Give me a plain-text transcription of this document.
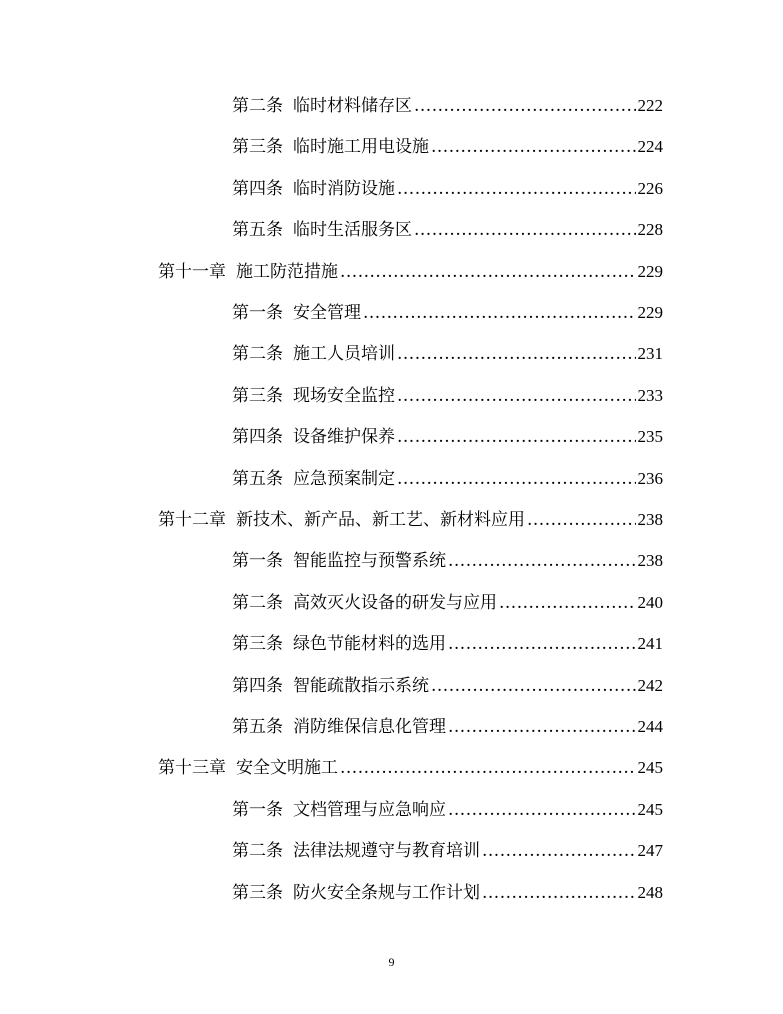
第二条 临时材料储存区 .....	222
第三条 临时施工用电设施 .....	224
第四条 临时消防设施 .....	226
第五条 临时生活服务区 .....	228
第十一章 施工防范措施 .....	229
第一条 安全管理 .....	229
第二条 施工人员培训 .....	231
第三条 现场安全监控 .....	233
第四条 设备维护保养 .....	235
第五条 应急预案制定 .....	236
第十二章 新技术、新产品、新工艺、新材料应用 .....	238
第一条 智能监控与预警系统 .....	238
第二条 高效灭火设备的研发与应用 .....	240
第三条 绿色节能材料的选用 .....	241
第四条 智能疏散指示系统 .....	242
第五条 消防维保信息化管理 .....	244
第十三章 安全文明施工 .....	245
第一条 文档管理与应急响应 .....	245
第二条 法律法规遵守与教育培训 .....	247
第三条 防火安全条规与工作计划 .....	248
9
